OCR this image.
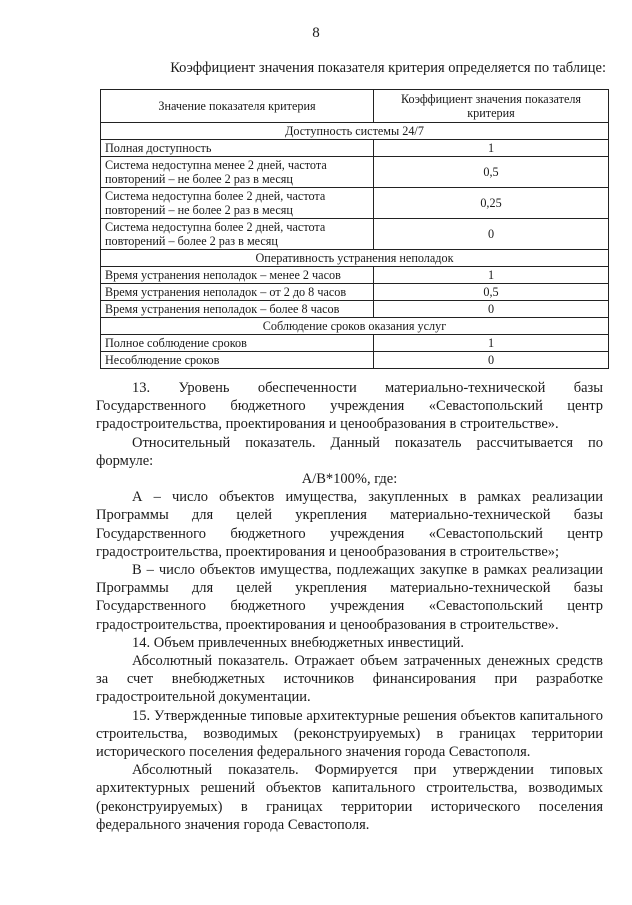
8
Коэффициент значения показателя критерия определяется по таблице:
Значение показателя критерия	Коэффициент значения показателя критерия
Доступность системы 24/7	
Полная доступность	1
Система недоступна менее 2 дней, частота повторений – не более 2 раз в месяц	0,5
Система недоступна более 2 дней, частота повторений – не более 2 раз в месяц	0,25
Система недоступна более 2 дней, частота повторений – более 2 раз в месяц	0
Оперативность устранения неполадок	
Время устранения неполадок – менее 2 часов	1
Время устранения неполадок – от 2 до 8 часов	0,5
Время устранения неполадок – более 8 часов	0
Соблюдение сроков оказания услуг	
Полное соблюдение сроков	1
Несоблюдение сроков	0

13. Уровень обеспеченности материально-технической базы Государственного бюджетного учреждения «Севастопольский центр градостроительства, проектирования и ценообразования в строительстве».

Относительный показатель. Данный показатель рассчитывается по формуле:

А/В*100%, где:

А – число объектов имущества, закупленных в рамках реализации Программы для целей укрепления материально-технической базы Государственного бюджетного учреждения «Севастопольский центр градостроительства, проектирования и ценообразования в строительстве»;

В – число объектов имущества, подлежащих закупке в рамках реализации Программы для целей укрепления материально-технической базы Государственного бюджетного учреждения «Севастопольский центр градостроительства, проектирования и ценообразования в строительстве».

14. Объем привлеченных внебюджетных инвестиций.

Абсолютный показатель. Отражает объем затраченных денежных средств за счет внебюджетных источников финансирования при разработке градостроительной документации.

15. Утвержденные типовые архитектурные решения объектов капитального строительства, возводимых (реконструируемых) в границах территории исторического поселения федерального значения города Севастополя.

Абсолютный показатель. Формируется при утверждении типовых архитектурных решений объектов капитального строительства, возводимых (реконструируемых) в границах территории исторического поселения федерального значения города Севастополя.
